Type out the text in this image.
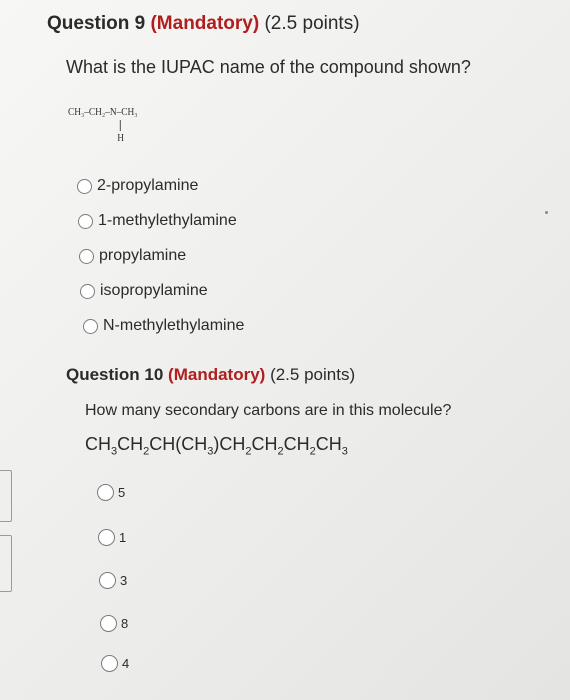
Question 9 (Mandatory) (2.5 points)
What is the IUPAC name of the compound shown?
CH₃–CH₂–N–CH₃
H
2-propylamine
1-methylethylamine
propylamine
isopropylamine
N-methylethylamine
Question 10 (Mandatory) (2.5 points)
How many secondary carbons are in this molecule?
$CH_3CH_2CH(CH_3)CH_2CH_2CH_2CH_3$
5
1
3
8
4
